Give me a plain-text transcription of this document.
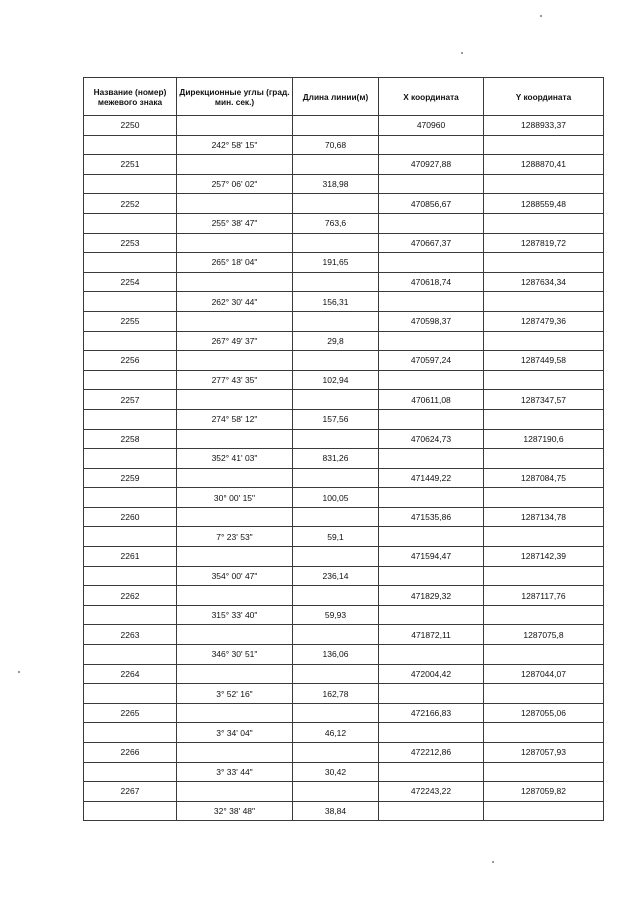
Название (номер) межевого знака	Дирекционные углы (град. мин. сек.)	Длина линии(м)	X координата	Y координата
2250			470960	1288933,37
	242° 58' 15"	70,68		
2251			470927,88	1288870,41
	257° 06' 02"	318,98		
2252			470856,67	1288559,48
	255° 38' 47"	763,6		
2253			470667,37	1287819,72
	265° 18' 04"	191,65		
2254			470618,74	1287634,34
	262° 30' 44"	156,31		
2255			470598,37	1287479,36
	267° 49' 37"	29,8		
2256			470597,24	1287449,58
	277° 43' 35"	102,94		
2257			470611,08	1287347,57
	274° 58' 12"	157,56		
2258			470624,73	1287190,6
	352° 41' 03"	831,26		
2259			471449,22	1287084,75
	30° 00' 15"	100,05		
2260			471535,86	1287134,78
	7° 23' 53"	59,1		
2261			471594,47	1287142,39
	354° 00' 47"	236,14		
2262			471829,32	1287117,76
	315° 33' 40"	59,93		
2263			471872,11	1287075,8
	346° 30' 51"	136,06		
2264			472004,42	1287044,07
	3° 52' 16"	162,78		
2265			472166,83	1287055,06
	3° 34' 04"	46,12		
2266			472212,86	1287057,93
	3° 33' 44"	30,42		
2267			472243,22	1287059,82
	32° 38' 48"	38,84		
